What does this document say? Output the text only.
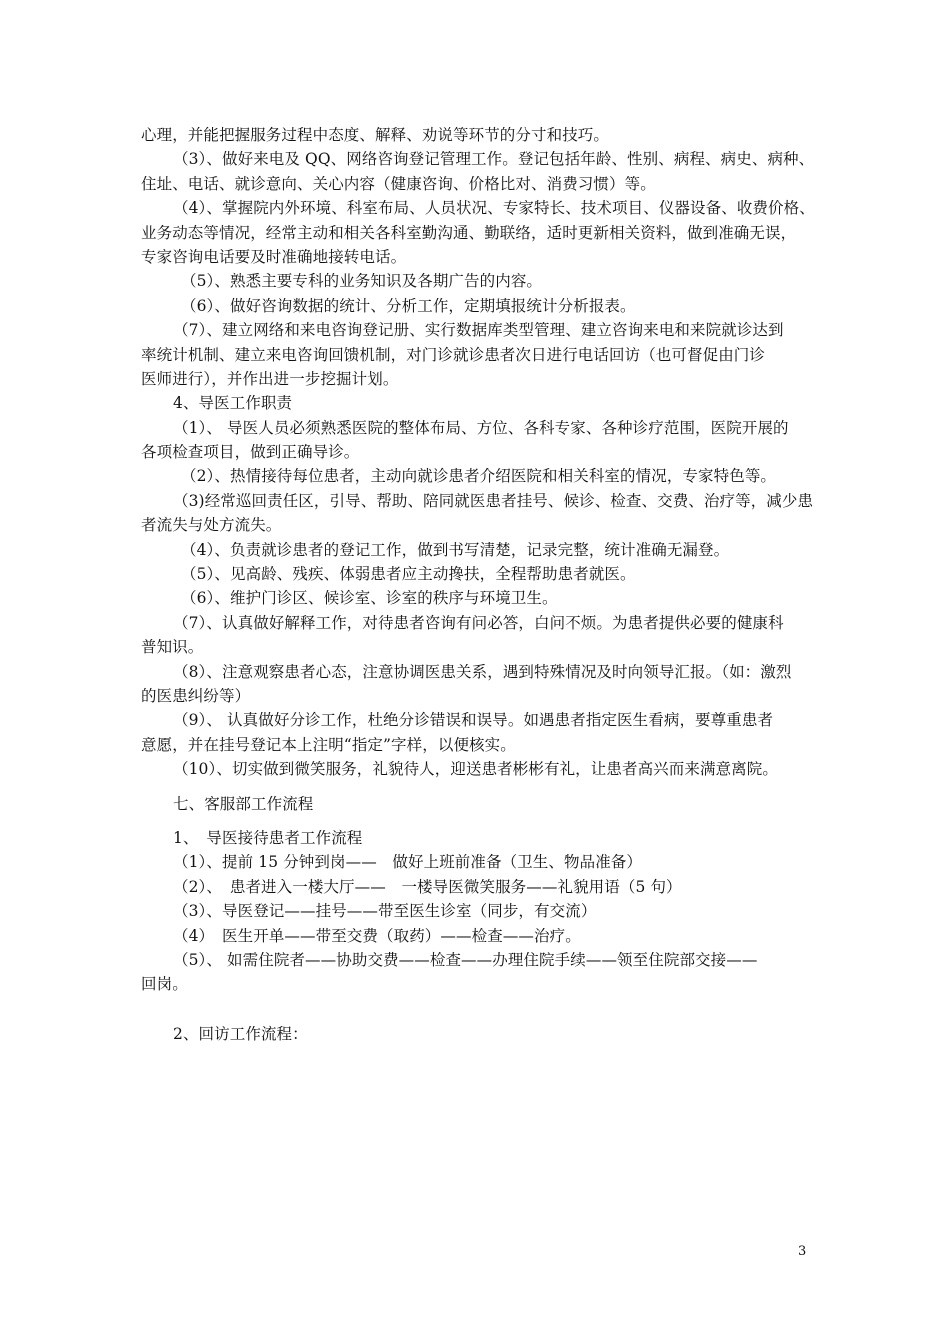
心理，并能把握服务过程中态度、解释、劝说等环节的分寸和技巧。
（3）、做好来电及 QQ、网络咨询登记管理工作。登记包括年龄、性别、病程、病史、病种、
住址、电话、就诊意向、关心内容（健康咨询、价格比对、消费习惯）等。
（4）、掌握院内外环境、科室布局、人员状况、专家特长、技术项目、仪器设备、收费价格、
业务动态等情况，经常主动和相关各科室勤沟通、勤联络，适时更新相关资料，做到准确无误，
专家咨询电话要及时准确地接转电话。
（5）、熟悉主要专科的业务知识及各期广告的内容。
（6）、做好咨询数据的统计、分析工作，定期填报统计分析报表。
（7）、建立网络和来电咨询登记册、实行数据库类型管理、建立咨询来电和来院就诊达到
率统计机制、建立来电咨询回馈机制，对门诊就诊患者次日进行电话回访（也可督促由门诊
医师进行），并作出进一步挖掘计划。
4、导医工作职责
（1）、 导医人员必须熟悉医院的整体布局、方位、各科专家、各种诊疗范围，医院开展的
各项检查项目，做到正确导诊。
（2）、热情接待每位患者，主动向就诊患者介绍医院和相关科室的情况，专家特色等。
（3)经常巡回责任区，引导、帮助、陪同就医患者挂号、候诊、检查、交费、治疗等，减少患
者流失与处方流失。
（4）、负责就诊患者的登记工作，做到书写清楚，记录完整，统计准确无漏登。
（5）、见高龄、残疾、体弱患者应主动搀扶，全程帮助患者就医。
（6）、维护门诊区、候诊室、诊室的秩序与环境卫生。
（7）、认真做好解释工作，对待患者咨询有问必答，白问不烦。为患者提供必要的健康科
普知识。
（8）、注意观察患者心态，注意协调医患关系，遇到特殊情况及时向领导汇报。（如：激烈
的医患纠纷等）
（9）、 认真做好分诊工作，杜绝分诊错误和误导。如遇患者指定医生看病，要尊重患者
意愿，并在挂号登记本上注明“指定”字样，以便核实。
（10）、切实做到微笑服务，礼貌待人，迎送患者彬彬有礼，让患者高兴而来满意离院。
七、客服部工作流程
1、　导医接待患者工作流程
（1）、提前 15 分钟到岗——　做好上班前准备（卫生、物品准备）
（2）、　患者进入一楼大厅——　一楼导医微笑服务——礼貌用语（5 句）
（3）、导医登记——挂号——带至医生诊室（同步，有交流）
（4）　医生开单——带至交费（取药）——检查——治疗。
（5）、 如需住院者——协助交费——检查——办理住院手续——领至住院部交接——
回岗。
2、回访工作流程：
3
